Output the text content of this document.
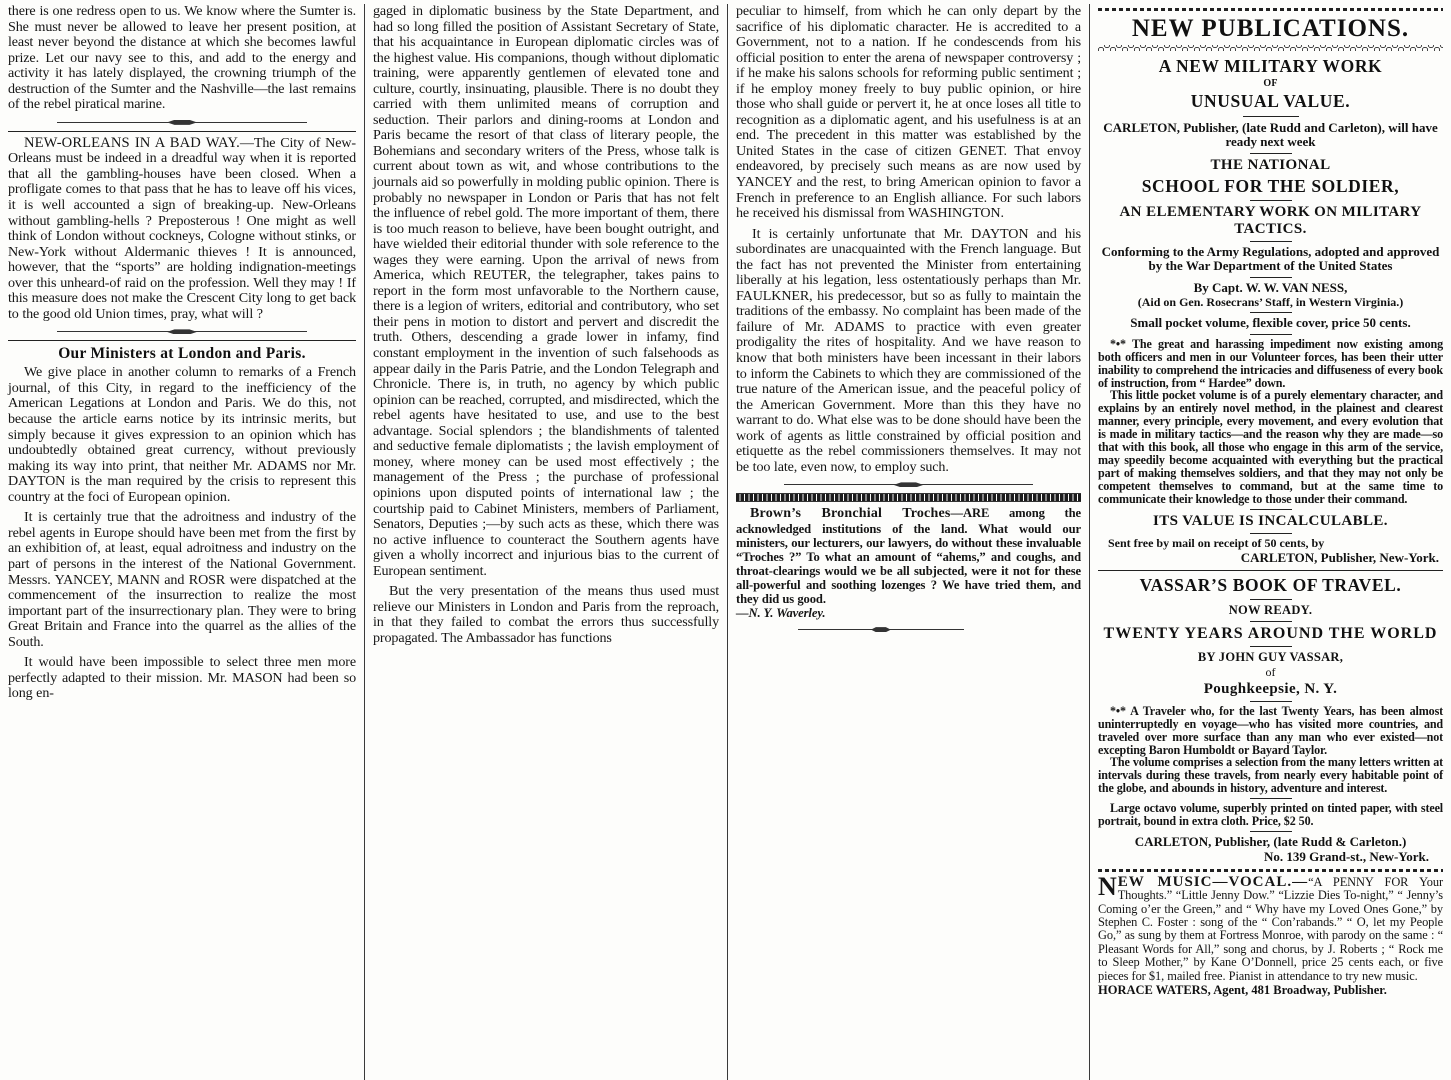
there is one redress open to us. We know where the Sumter is. She must never be allowed to leave her present position, at least never beyond the distance at which she becomes lawful prize. Let our navy see to this, and add to the energy and activity it has lately displayed, the crowning triumph of the destruction of the Sumter and the Nashville—the last remains of the rebel piratical marine.

NEW-ORLEANS IN A BAD WAY.—The City of New-Orleans must be indeed in a dreadful way when it is reported that all the gambling-houses have been closed. When a profligate comes to that pass that he has to leave off his vices, it is well accounted a sign of breaking-up. New-Orleans without gambling-hells ? Preposterous ! One might as well think of London without cockneys, Cologne without stinks, or New-York without Aldermanic thieves ! It is announced, however, that the “sports” are holding indignation-meetings over this unheard-of raid on the profession. Well they may ! If this measure does not make the Crescent City long to get back to the good old Union times, pray, what will ?

Our Ministers at London and Paris.

We give place in another column to remarks of a French journal, of this City, in regard to the inefficiency of the American Legations at London and Paris. We do this, not because the article earns notice by its intrinsic merits, but simply because it gives expression to an opinion which has undoubtedly obtained great currency, without previously making its way into print, that neither Mr. ADAMS nor Mr. DAYTON is the man required by the crisis to represent this country at the foci of European opinion.

It is certainly true that the adroitness and industry of the rebel agents in Europe should have been met from the first by an exhibition of, at least, equal adroitness and industry on the part of persons in the interest of the National Government. Messrs. YANCEY, MANN and ROSR were dispatched at the commencement of the insurrection to realize the most important part of the insurrectionary plan. They were to bring Great Britain and France into the quarrel as the allies of the South.

It would have been impossible to select three men more perfectly adapted to their mission. Mr. MASON had been so long en-

gaged in diplomatic business by the State Department, and had so long filled the position of Assistant Secretary of State, that his acquaintance in European diplomatic circles was of the highest value. His companions, though without diplomatic training, were apparently gentlemen of elevated tone and culture, courtly, insinuating, plausible. There is no doubt they carried with them unlimited means of corruption and seduction. Their parlors and dining-rooms at London and Paris became the resort of that class of literary people, the Bohemians and secondary writers of the Press, whose talk is current about town as wit, and whose contributions to the journals aid so powerfully in molding public opinion. There is probably no newspaper in London or Paris that has not felt the influence of rebel gold. The more important of them, there is too much reason to believe, have been bought outright, and have wielded their editorial thunder with sole reference to the wages they were earning. Upon the arrival of news from America, which REUTER, the telegrapher, takes pains to report in the form most unfavorable to the Northern cause, there is a legion of writers, editorial and contributory, who set their pens in motion to distort and pervert and discredit the truth. Others, descending a grade lower in infamy, find constant employment in the invention of such falsehoods as appear daily in the Paris Patrie, and the London Telegraph and Chronicle. There is, in truth, no agency by which public opinion can be reached, corrupted, and misdirected, which the rebel agents have hesitated to use, and use to the best advantage. Social splendors ; the blandishments of talented and seductive female diplomatists ; the lavish employment of money, where money can be used most effectively ; the management of the Press ; the purchase of professional opinions upon disputed points of international law ; the courtship paid to Cabinet Ministers, members of Parliament, Senators, Deputies ;—by such acts as these, which there was no active influence to counteract the Southern agents have given a wholly incorrect and injurious bias to the current of European sentiment.

But the very presentation of the means thus used must relieve our Ministers in London and Paris from the reproach, in that they failed to combat the errors thus successfully propagated. The Ambassador has functions

peculiar to himself, from which he can only depart by the sacrifice of his diplomatic character. He is accredited to a Government, not to a nation. If he condescends from his official position to enter the arena of newspaper controversy ; if he make his salons schools for reforming public sentiment ; if he employ money freely to buy public opinion, or hire those who shall guide or pervert it, he at once loses all title to recognition as a diplomatic agent, and his usefulness is at an end. The precedent in this matter was established by the United States in the case of citizen GENET. That envoy endeavored, by precisely such means as are now used by YANCEY and the rest, to bring American opinion to favor a French in preference to an English alliance. For such labors he received his dismissal from WASHINGTON.

It is certainly unfortunate that Mr. DAYTON and his subordinates are unacquainted with the French language. But the fact has not prevented the Minister from entertaining liberally at his legation, less ostentatiously perhaps than Mr. FAULKNER, his predecessor, but so as fully to maintain the traditions of the embassy. No complaint has been made of the failure of Mr. ADAMS to practice with even greater prodigality the rites of hospitality. And we have reason to know that both ministers have been incessant in their labors to inform the Cabinets to which they are commissioned of the true nature of the American issue, and the peaceful policy of the American Government. More than this they have no warrant to do. What else was to be done should have been the work of agents as little constrained by official position and etiquette as the rebel commissioners themselves. It may not be too late, even now, to employ such.

Brown’s Bronchial Troches—ARE among the acknowledged institutions of the land. What would our ministers, our lecturers, our lawyers, do without these invaluable “Troches ?” To what an amount of “ahems,” and coughs, and throat-clearings would we be all subjected, were it not for these all-powerful and soothing lozenges ? We have tried them, and they did us good.

—N. Y. Waverley.

NEW PUBLICATIONS.
A NEW MILITARY WORK
OF
UNUSUAL VALUE.
CARLETON, Publisher, (late Rudd and Carleton), will have ready next week
THE NATIONAL
SCHOOL FOR THE SOLDIER,
AN ELEMENTARY WORK ON MILITARY TACTICS.
Conforming to the Army Regulations, adopted and approved by the War Department of the United States
By Capt. W. W. VAN NESS,
(Aid on Gen. Rosecrans’ Staff, in Western Virginia.)
Small pocket volume, flexible cover, price 50 cents.

*•* The great and harassing impediment now existing among both officers and men in our Volunteer forces, has been their utter inability to comprehend the intricacies and diffuseness of every book of instruction, from “ Hardee” down.

This little pocket volume is of a purely elementary character, and explains by an entirely novel method, in the plainest and clearest manner, every principle, every movement, and every evolution that is made in military tactics—and the reason why they are made—so that with this book, all those who engage in this arm of the service, may speedily become acquainted with everything but the practical part of making themselves soldiers, and that they may not only be competent themselves to command, but at the same time to communicate their knowledge to those under their command.

ITS VALUE IS INCALCULABLE.
Sent free by mail on receipt of 50 cents, by
CARLETON, Publisher, New-York.
VASSAR’S BOOK OF TRAVEL.
NOW READY.
TWENTY YEARS AROUND THE WORLD
BY JOHN GUY VASSAR,
of
Poughkeepsie, N. Y.

*•* A Traveler who, for the last Twenty Years, has been almost uninterruptedly en voyage—who has visited more countries, and traveled over more surface than any man who ever existed—not excepting Baron Humboldt or Bayard Taylor.

The volume comprises a selection from the many letters written at intervals during these travels, from nearly every habitable point of the globe, and abounds in history, adventure and interest.

Large octavo volume, superbly printed on tinted paper, with steel portrait, bound in extra cloth. Price, $2 50.

CARLETON, Publisher, (late Rudd & Carleton.)
No. 139 Grand-st., New-York.

NEW MUSIC—VOCAL.—“A PENNY FOR Your Thoughts.” “Little Jenny Dow.” “Lizzie Dies To-night,” “ Jenny’s Coming o’er the Green,” and “ Why have my Loved Ones Gone,” by Stephen C. Foster : song of the “ Con’rabands.” “ O, let my People Go,” as sung by them at Fortress Monroe, with parody on the same : “ Pleasant Words for All,” song and chorus, by J. Roberts ; “ Rock me to Sleep Mother,” by Kane O’Donnell, price 25 cents each, or five pieces for $1, mailed free. Pianist in attendance to try new music.

HORACE WATERS, Agent, 481 Broadway, Publisher.
